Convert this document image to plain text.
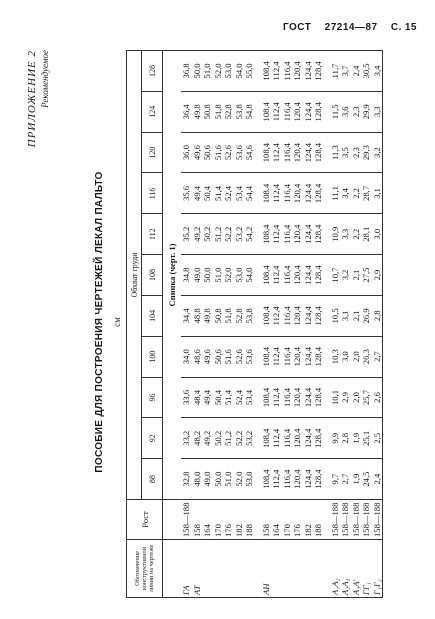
ГОСТ 27214—87 С. 15
ПРИЛОЖЕНИЕ 2 Рекомендуемое
ПОСОБИЕ ДЛЯ ПОСТРОЕНИЯ ЧЕРТЕЖЕЙ ЛЕКАЛ ПАЛЬТО см
Обозначение конструктивной линии на чертеже	Рост	Обхват груди										
		88	92	96	100	104	108	112	116	120	124	128
		Спинка (черт. 1)										
ГА	158—188	32,8	33,2	33,6	34,0	34,4	34,8	35,2	35,6	36,0	36,4	36,8
АТ	158	48,0	48,2	48,4	48,6	48,8	49,0	49,2	49,4	49,6	49,8	50,0
	164	49,0	49,2	49,4	49,6	49,8	50,0	50,2	50,4	50,6	50,8	51,0
	170	50,0	50,2	50,4	50,6	50,8	51,0	51,2	51,4	51,6	51,8	52,0
	176	51,0	51,2	51,4	51,6	51,8	52,0	52,2	52,4	52,6	52,8	53,0
	182	52,0	52,2	52,4	52,6	52,8	53,0	53,2	53,4	53,6	53,8	54,0
	188	53,0	53,2	53,4	53,6	53,8	54,0	54,2	54,4	54,6	54,8	55,0

АН	158	108,4	108,4	108,4	108,4	108,4	108,4	108,4	108,4	108,4	108,4	108,4
	164	112,4	112,4	112,4	112,4	112,4	112,4	112,4	112,4	112,4	112,4	112,4
	170	116,4	116,4	116,4	116,4	116,4	116,4	116,4	116,4	116,4	116,4	116,4
	176	120,4	120,4	120,4	120,4	120,4	120,4	120,4	120,4	120,4	120,4	120,4
	182	124,4	124,4	124,4	124,4	124,4	124,4	124,4	124,4	124,4	124,4	124,4
	188	128,4	128,4	128,4	128,4	128,4	128,4	128,4	128,4	128,4	128,4	128,4

А₁А₂	158—188	9,7	9,9	10,1	10,3	10,5	10,7	10,9	11,1	11,3	11,5	11,7
А₂А₃	158—188	2,7	2,8	2,9	3,0	3,1	3,2	3,3	3,4	3,5	3,6	3,7
А₃А'	158—188	1,9	1,9	2,0	2,0	2,1	2,1	2,2	2,2	2,3	2,3	2,4
ГГ₁	158—188	24,5	25,1	25,7	26,3	26,9	27,5	28,1	28,7	29,3	29,9	30,5
Г₁Г₂	158—188	2,4	2,5	2,6	2,7	2,8	2,9	3,0	3,1	3,2	3,3	3,4
